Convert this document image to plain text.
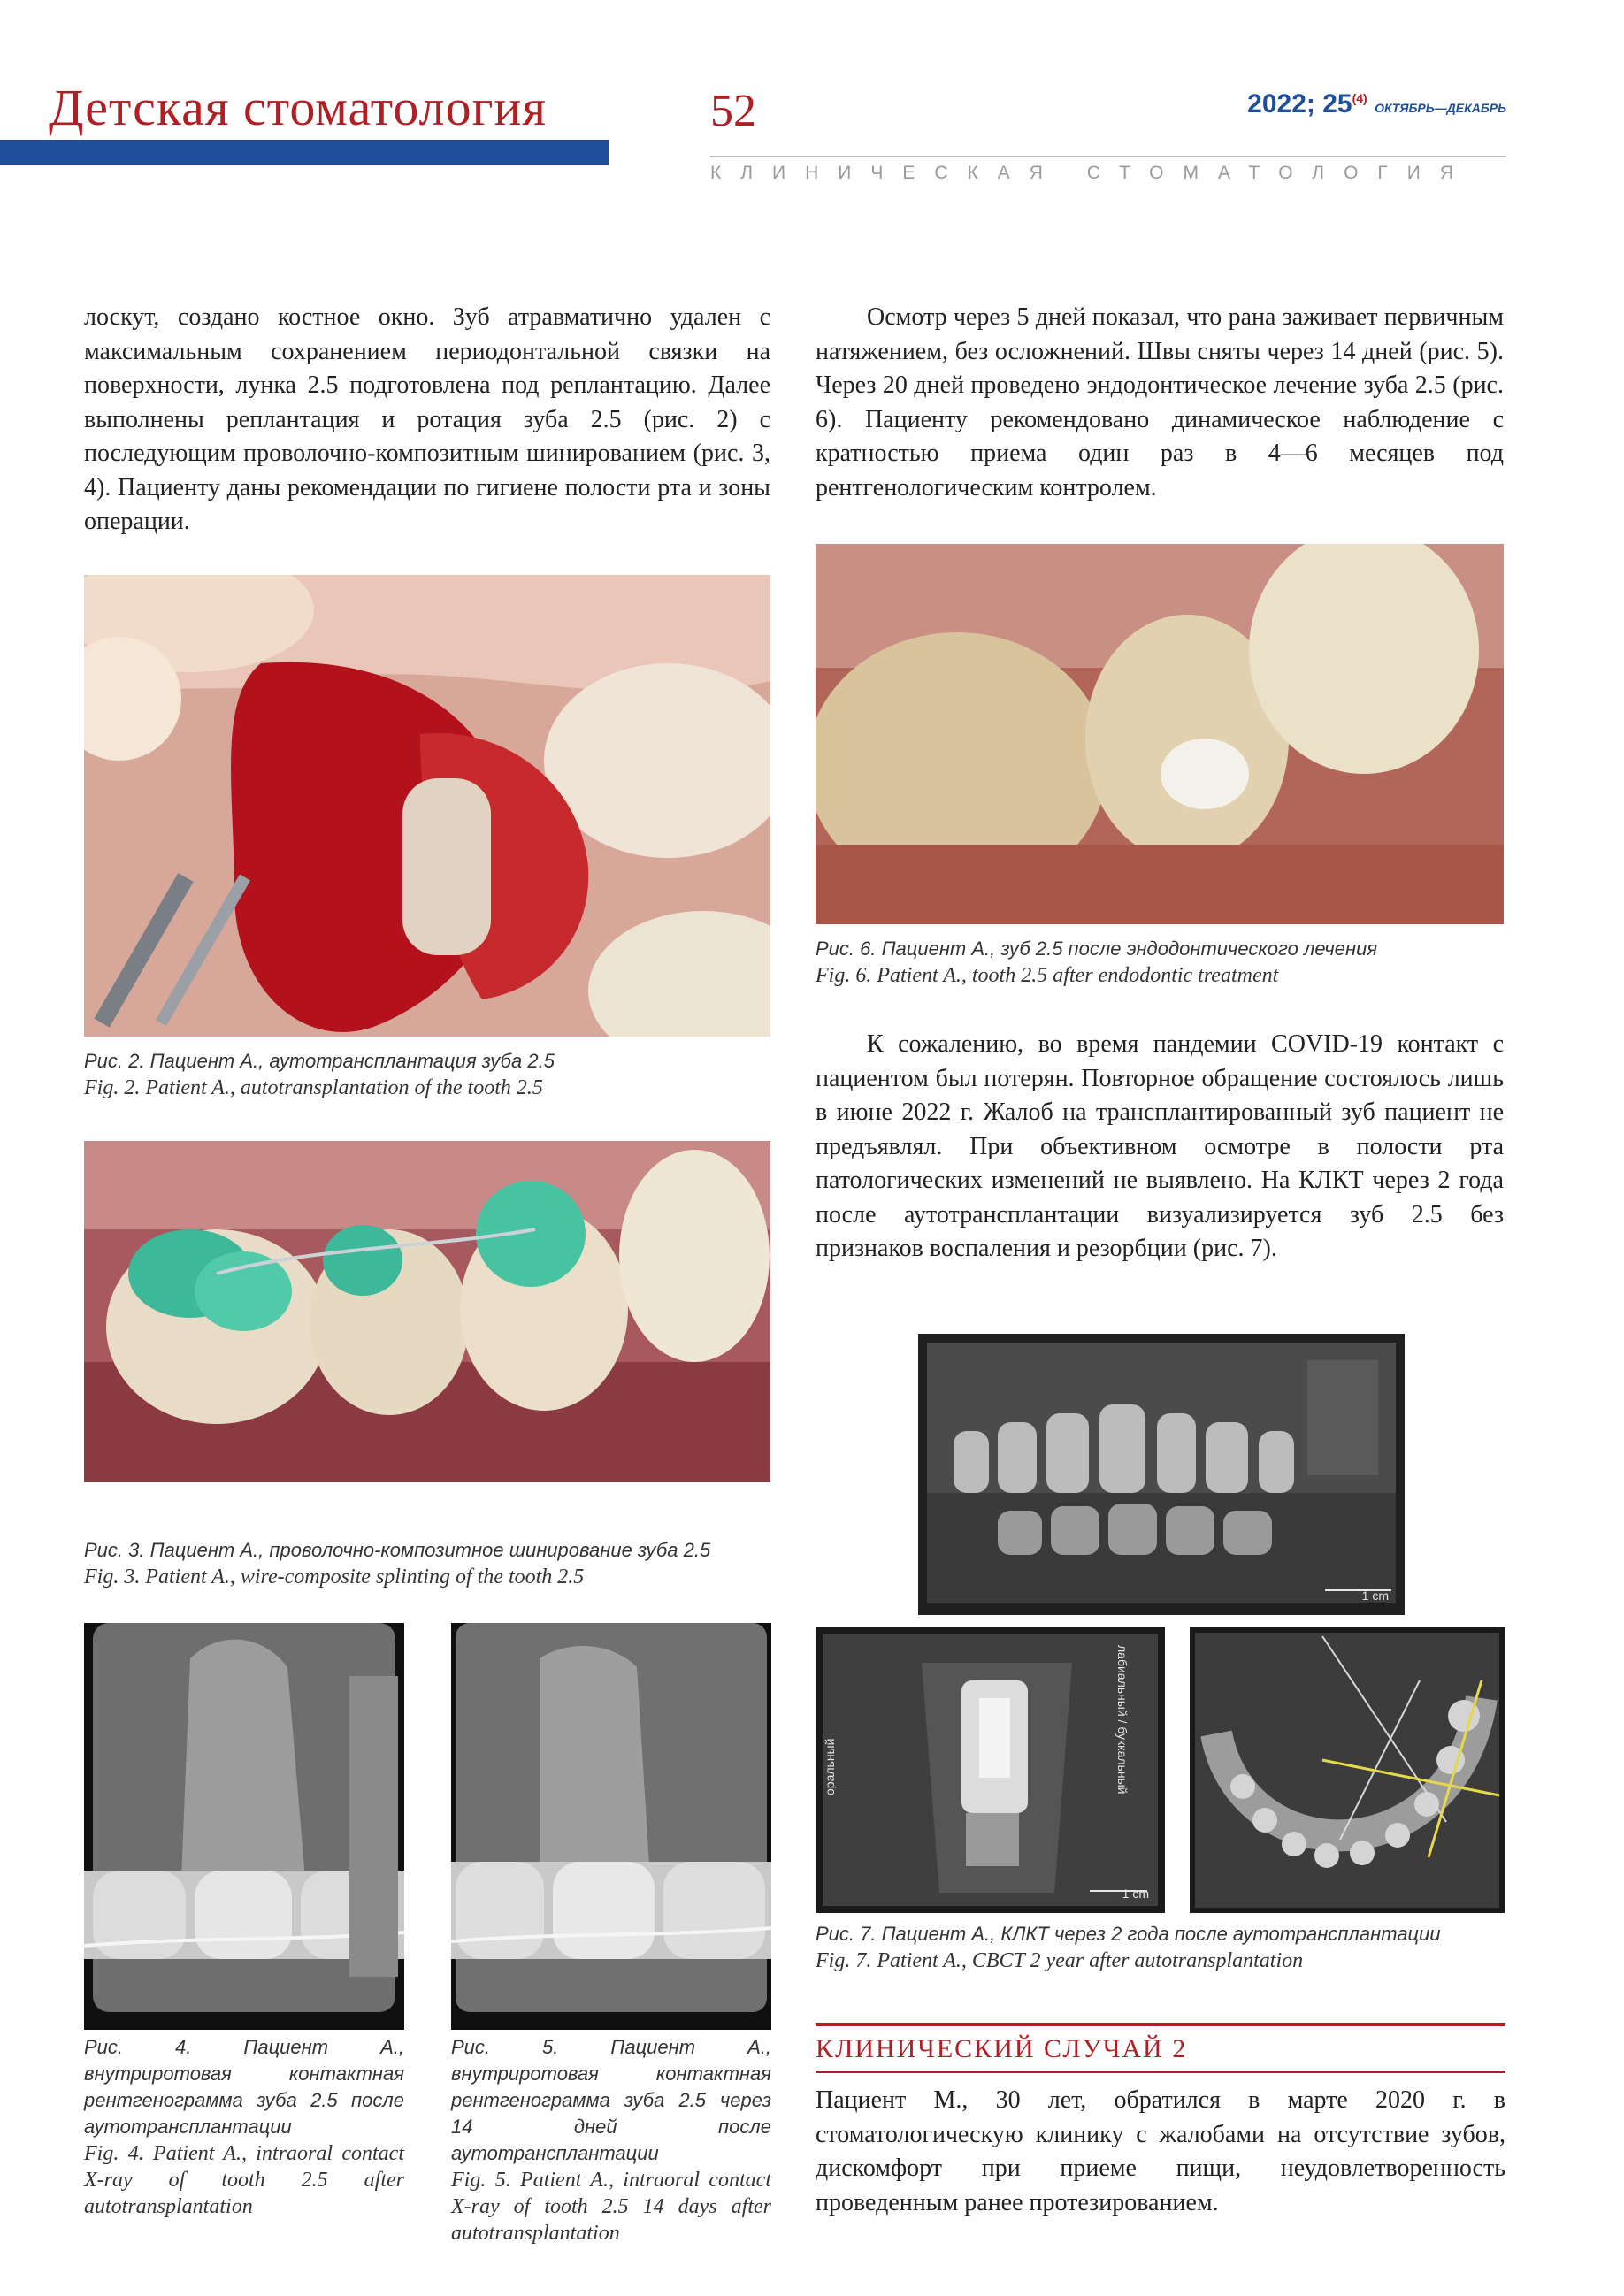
Детская стоматология	52	2022; 25$^{(4)}$ ОКТЯБРЬ—ДЕКАБРЬ
КЛИНИЧЕСКАЯ СТОМАТОЛОГИЯ

лоскут, создано костное окно. Зуб атравматично удален с максимальным сохранением периодонтальной связки на поверхности, лунка 2.5 подготовлена под реплантацию. Далее выполнены реплантация и ротация зуба 2.5 (рис. 2) с последующим проволочно-композитным шинированием (рис. 3, 4). Пациенту даны рекомендации по гигиене полости рта и зоны операции.

Рис. 2. Пациент А., аутотрансплантация зуба 2.5
Fig. 2. Patient A., autotransplantation of the tooth 2.5
Рис. 3. Пациент А., проволочно-композитное шинирование зуба 2.5
Fig. 3. Patient A., wire-composite splinting of the tooth 2.5
Рис. 4. Пациент А., внутриротовая контактная рентгенограмма зуба 2.5 после аутотрансплантации
Fig. 4. Patient A., intraoral contact X-ray of tooth 2.5 after autotransplantation
Рис. 5. Пациент А., внутриротовая контактная рентгенограмма зуба 2.5 через 14 дней после аутотрансплантации
Fig. 5. Patient A., intraoral contact X-ray of tooth 2.5 14 days after autotransplantation

Осмотр через 5 дней показал, что рана заживает первичным натяжением, без осложнений. Швы сняты через 14 дней (рис. 5). Через 20 дней проведено эндодонтическое лечение зуба 2.5 (рис. 6). Пациенту рекомендовано динамическое наблюдение с кратностью приема один раз в 4—6 месяцев под рентгенологическим контролем.

Рис. 6. Пациент А., зуб 2.5 после эндодонтического лечения
Fig. 6. Patient A., tooth 2.5 after endodontic treatment

К сожалению, во время пандемии COVID-19 контакт с пациентом был потерян. Повторное обращение состоялось лишь в июне 2022 г. Жалоб на трансплантированный зуб пациент не предъявлял. При объективном осмотре в полости рта патологических изменений не выявлено. На КЛКТ через 2 года после аутотрансплантации визуализируется зуб 2.5 без признаков воспаления и резорбции (рис. 7).

1 cm
оральный	лабиальный / буккальный
1 cm
Рис. 7. Пациент А., КЛКТ через 2 года после аутотрансплантации
Fig. 7. Patient A., CBCT 2 year after autotransplantation
КЛИНИЧЕСКИЙ СЛУЧАЙ 2

Пациент М., 30 лет, обратился в марте 2020 г. в стоматологическую клинику с жалобами на отсутствие зубов, дискомфорт при приеме пищи, неудовлетворенность проведенным ранее протезированием.
